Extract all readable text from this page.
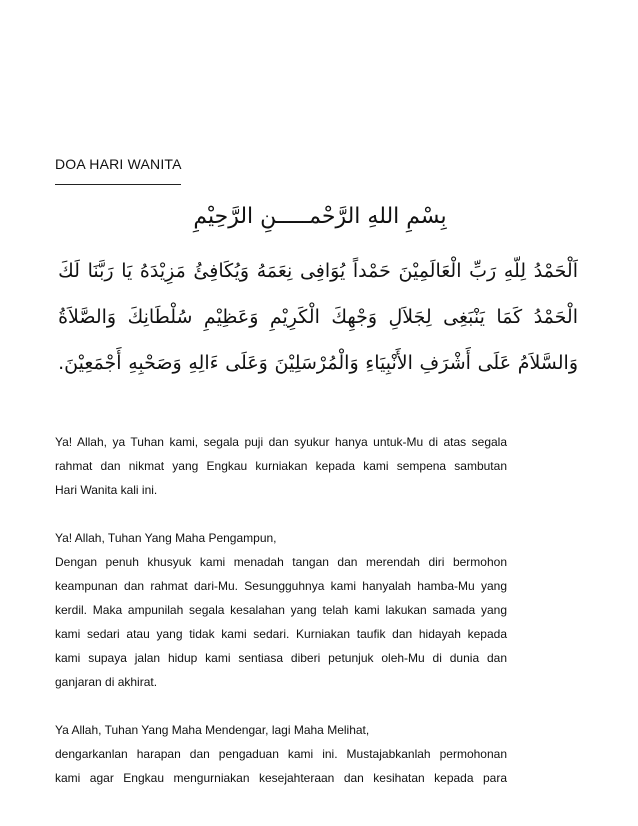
DOA HARI WANITA
بِسْمِ اللهِ الرَّحْمـــــنِ الرَّحِيْمِ
اَلْحَمْدُ
لِلّهِ
رَبِّ
الْعَالَمِيْنَ
حَمْداً
يُوَافِى
نِعَمَهُ
وَيُكَافِئُ
مَزِيْدَهُ
يَا
رَبَّنَا
لَكَ
الْحَمْدُ
كَمَا
يَنْبَغِى
لِجَلاَلِ
وَجْهِكَ
الْكَرِيْمِ
وَعَظِيْمِ
سُلْطَانِكَ
وَالصَّلاَةُ
وَالسَّلاَمُ
عَلَى
أَشْرَفِ
الأَنْبِيَاءِ
وَالْمُرْسَلِيْنَ
وَعَلَى
ءَالِهِ
وَصَحْبِهِ
أَجْمَعِيْنَ.

Ya! Allah, ya Tuhan kami, segala puji dan syukur hanya untuk-Mu di atas segala
rahmat dan nikmat yang Engkau kurniakan kepada kami sempena sambutan
Hari Wanita kali ini.

Ya! Allah, Tuhan Yang Maha Pengampun,
Dengan penuh khusyuk kami menadah tangan dan merendah diri bermohon
keampunan dan rahmat dari-Mu. Sesungguhnya kami hanyalah hamba-Mu yang
kerdil. Maka ampunilah segala kesalahan yang telah kami lakukan samada yang
kami sedari atau yang tidak kami sedari. Kurniakan taufik dan hidayah kepada
kami supaya jalan hidup kami sentiasa diberi petunjuk oleh-Mu di dunia dan
ganjaran di akhirat.

Ya Allah, Tuhan Yang Maha Mendengar, lagi Maha Melihat,
dengarkanlan harapan dan pengaduan kami ini. Mustajabkanlah permohonan
kami agar Engkau mengurniakan kesejahteraan dan kesihatan kepada para
